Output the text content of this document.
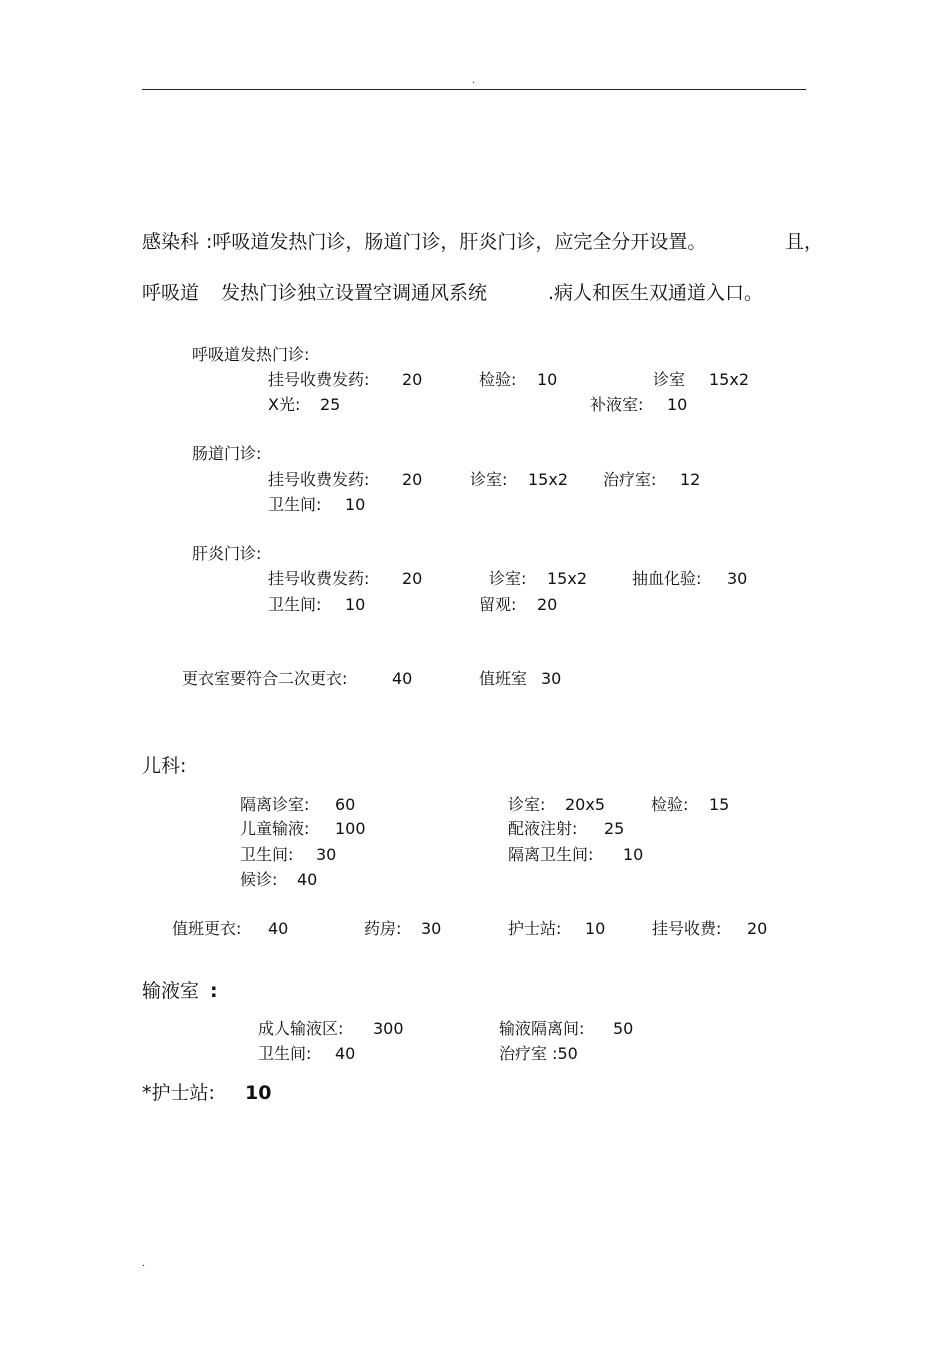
.
感染科 :呼吸道发热门诊，肠道门诊，肝炎门诊，应完全分开设置。	且，
呼吸道 发热门诊独立设置空调通风系统	.病人和医生双通道入口。
呼吸道发热门诊:
挂号收费发药: 20	检验: 10	诊室 15x2
X光: 25	补液室: 10
肠道门诊:
挂号收费发药: 20	诊室: 15x2 治疗室: 12
卫生间: 10
肝炎门诊:
挂号收费发药: 20	诊室: 15x2	抽血化验: 30
卫生间: 10	留观: 20
更衣室要符合二次更衣:	40	值班室 30
儿科:
隔离诊室: 60	诊室: 20x5	检验: 15
儿童输液: 100	配液注射: 25
卫生间: 30	隔离卫生间: 10
候诊: 40
值班更衣: 40	药房: 30	护士站: 10	挂号收费: 20
输液室 :
成人输液区: 300	输液隔离间: 50
卫生间: 40	治疗室 :50
*护士站: 10
.
